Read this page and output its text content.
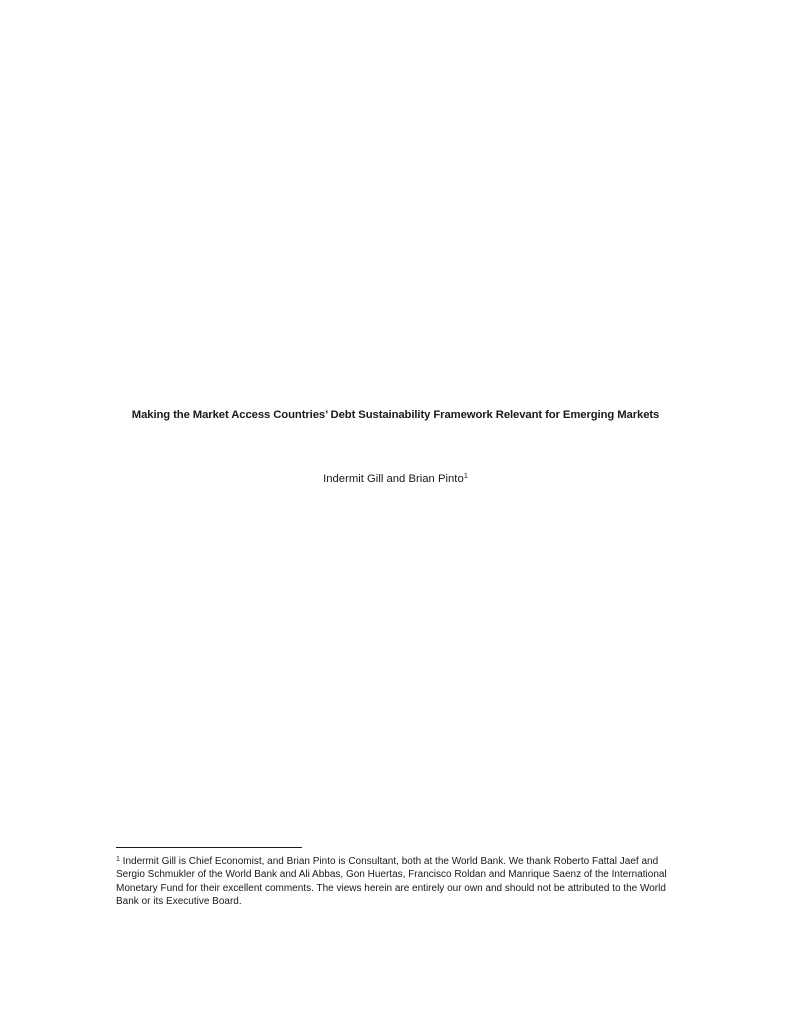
Making the Market Access Countries’ Debt Sustainability Framework Relevant for Emerging Markets
Indermit Gill and Brian Pinto$^1$
$^1$ Indermit Gill is Chief Economist, and Brian Pinto is Consultant, both at the World Bank. We thank Roberto Fattal Jaef and Sergio Schmukler of the World Bank and Ali Abbas, Gon Huertas, Francisco Roldan and Manrique Saenz of the International Monetary Fund for their excellent comments. The views herein are entirely our own and should not be attributed to the World Bank or its Executive Board.
